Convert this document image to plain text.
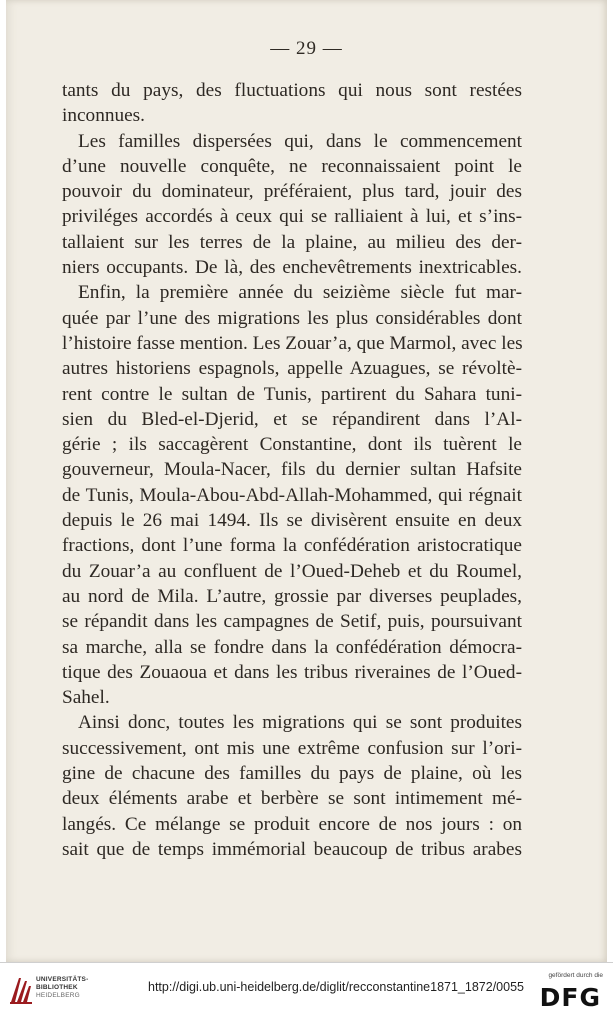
— 29 —
tants du pays, des fluctuations qui nous sont restées
inconnues.
Les familles dispersées qui, dans le commencement
d’une nouvelle conquête, ne reconnaissaient point le
pouvoir du dominateur, préféraient, plus tard, jouir des
priviléges accordés à ceux qui se ralliaient à lui, et s’ins-
tallaient sur les terres de la plaine, au milieu des der-
niers occupants. De là, des enchevêtrements inextricables.
Enfin, la première année du seizième siècle fut mar-
quée par l’une des migrations les plus considérables dont
l’histoire fasse mention. Les Zouar’a, que Marmol, avec les
autres historiens espagnols, appelle Azuagues, se révoltè-
rent contre le sultan de Tunis, partirent du Sahara tuni-
sien du Bled-el-Djerid, et se répandirent dans l’Al-
gérie ; ils saccagèrent Constantine, dont ils tuèrent le
gouverneur, Moula-Nacer, fils du dernier sultan Hafsite
de Tunis, Moula-Abou-Abd-Allah-Mohammed, qui régnait
depuis le 26 mai 1494. Ils se divisèrent ensuite en deux
fractions, dont l’une forma la confédération aristocratique
du Zouar’a au confluent de l’Oued-Deheb et du Roumel,
au nord de Mila. L’autre, grossie par diverses peuplades,
se répandit dans les campagnes de Setif, puis, poursuivant
sa marche, alla se fondre dans la confédération démocra-
tique des Zouaoua et dans les tribus riveraines de l’Oued-
Sahel.
Ainsi donc, toutes les migrations qui se sont produites
successivement, ont mis une extrême confusion sur l’ori-
gine de chacune des familles du pays de plaine, où les
deux éléments arabe et berbère se sont intimement mé-
langés. Ce mélange se produit encore de nos jours : on
sait que de temps immémorial beaucoup de tribus arabes
UNIVERSITÄTS-
BIBLIOTHEK
HEIDELBERG
http://digi.ub.uni-heidelberg.de/diglit/recconstantine1871_1872/0055
gefördert durch die
DFG
